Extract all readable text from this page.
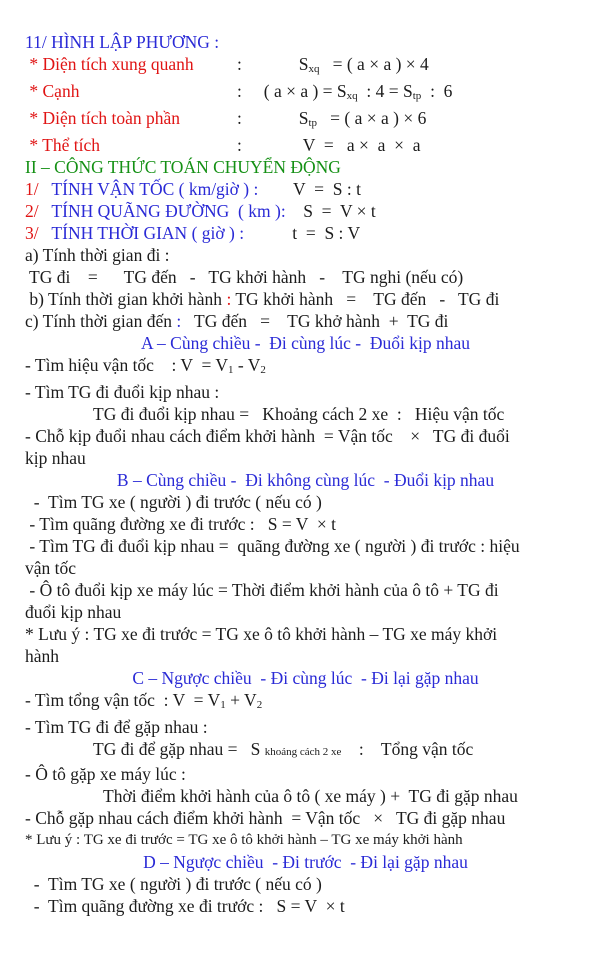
11/ HÌNH LẬP PHƯƠNG :
* Diện tích xung quanh :             Sxq   = ( a × a ) × 4
* Cạnh	:     ( a × a ) = Sxq  : 4 = Stp  :  6
* Diện tích toàn phần	:             Stp   = ( a × a ) × 6
* Thể tích	:              V  =   a ×  a  ×  a
II – CÔNG THỨC TOÁN CHUYỂN ĐỘNG
1/   TÍNH VẬN TỐC ( km/giờ ) :        V  =  S : t
2/   TÍNH QUÃNG ĐƯỜNG  ( km ):    S  =  V × t
3/   TÍNH THỜI GIAN ( giờ ) :           t  =  S : V
a) Tính thời gian đi :
TG đi    =      TG đến   -   TG khởi hành   -    TG nghi (nếu có)
b) Tính thời gian khởi hành : TG khởi hành   =    TG đến   -   TG đi
c) Tính thời gian đến :   TG đến   =    TG khở hành  +  TG đi
A – Cùng chiều -  Đi cùng lúc -  Đuổi kịp nhau
- Tìm hiệu vận tốc    : V  = V1 - V2
- Tìm TG đi đuổi kịp nhau :
TG đi đuổi kịp nhau =   Khoảng cách 2 xe  :   Hiệu vận tốc
- Chỗ kịp đuổi nhau cách điểm khởi hành  = Vận tốc    ×   TG đi đuổi
kịp nhau
B – Cùng chiều -  Đi không cùng lúc  - Đuổi kịp nhau
-  Tìm TG xe ( người ) đi trước ( nếu có )
- Tìm quãng đường xe đi trước :   S = V  × t
- Tìm TG đi đuổi kịp nhau =  quãng đường xe ( người ) đi trước : hiệu
vận tốc
- Ô tô đuổi kịp xe máy lúc = Thời điểm khởi hành của ô tô + TG đi
đuổi kịp nhau
* Lưu ý : TG xe đi trước = TG xe ô tô khởi hành – TG xe máy khởi
hành
C – Ngược chiều  - Đi cùng lúc  - Đi lại gặp nhau
- Tìm tổng vận tốc  : V  = V1 + V2
- Tìm TG đi để gặp nhau :
TG đi để gặp nhau =   S khoảng cách 2 xe    :    Tổng vận tốc
- Ô tô gặp xe máy lúc :
Thời điểm khởi hành của ô tô ( xe máy ) +  TG đi gặp nhau
- Chỗ gặp nhau cách điểm khởi hành  = Vận tốc   ×   TG đi gặp nhau
* Lưu ý : TG xe đi trước = TG xe ô tô khởi hành – TG xe máy khởi hành
D – Ngược chiều  - Đi trước  - Đi lại gặp nhau
-  Tìm TG xe ( người ) đi trước ( nếu có )
-  Tìm quãng đường xe đi trước :   S = V  × t
